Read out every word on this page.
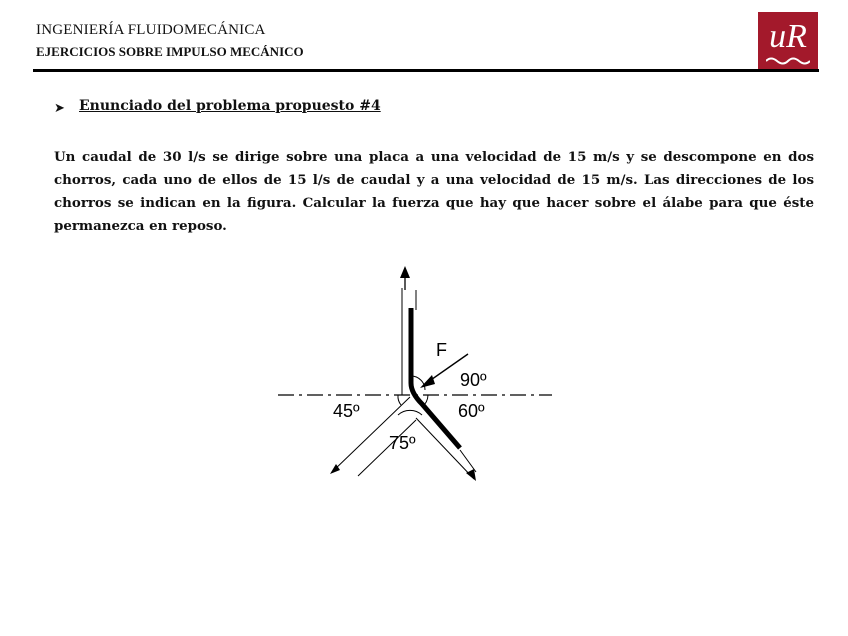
INGENIERÍA FLUIDOMECÁNICA
EJERCICIOS SOBRE IMPULSO MECÁNICO	uR
➤ Enunciado del problema propuesto #4

Un caudal de 30 l/s se dirige sobre una placa a una velocidad de 15 m/s y se descompone en dos chorros, cada uno de ellos de 15 l/s de caudal y a una velocidad de 15 m/s. Las direcciones de los chorros se indican en la figura. Calcular la fuerza que hay que hacer sobre el álabe para que éste permanezca en reposo.

F
90º
60º
45º
75º
